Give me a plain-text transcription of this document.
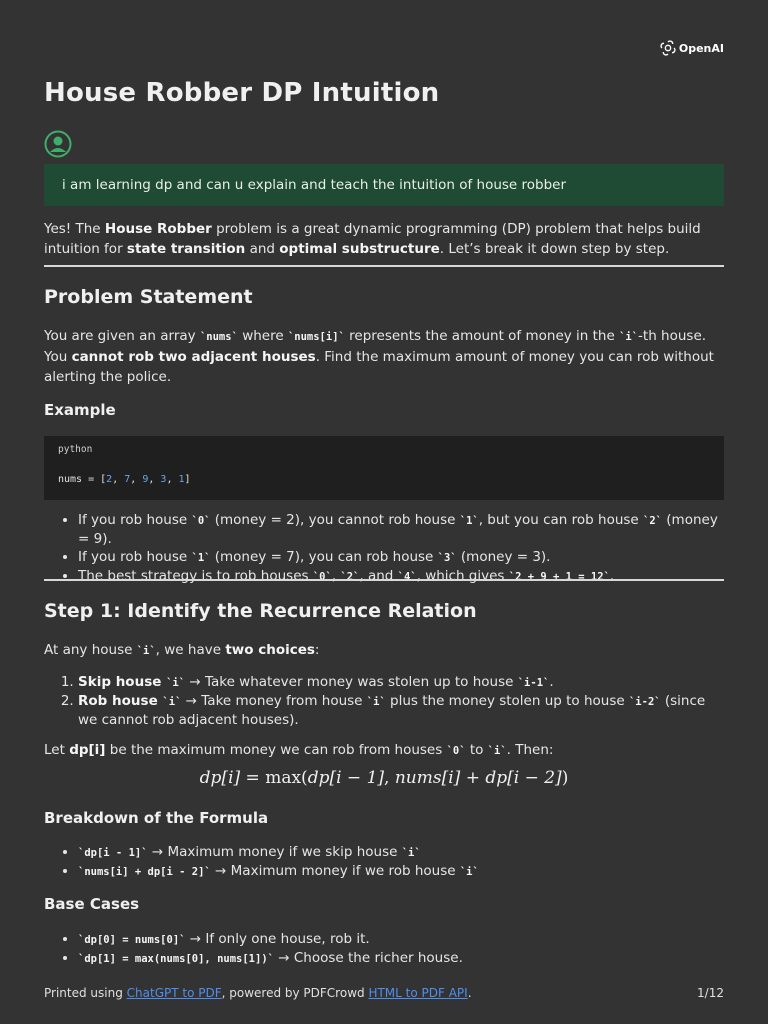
OpenAI
House Robber DP Intuition
i am learning dp and can u explain and teach the intuition of house robber

Yes! The House Robber problem is a great dynamic programming (DP) problem that helps build intuition for state transition and optimal substructure. Let’s break it down step by step.

Problem Statement

You are given an array `nums` where `nums[i]` represents the amount of money in the `i`-th house. You cannot rob two adjacent houses. Find the maximum amount of money you can rob without alerting the police.

Example
python
nums = [2, 7, 9, 3, 1]
• If you rob house `0` (money = 2), you cannot rob house `1`, but you can rob house `2` (money = 9).
• If you rob house `1` (money = 7), you can rob house `3` (money = 3).
• The best strategy is to rob houses `0`, `2`, and `4`, which gives `2 + 9 + 1 = 12`.
Step 1: Identify the Recurrence Relation

At any house `i`, we have two choices:

1. Skip house `i` → Take whatever money was stolen up to house `i-1`.
2. Rob house `i` → Take money from house `i` plus the money stolen up to house `i-2` (since we cannot rob adjacent houses).

Let dp[i] be the maximum money we can rob from houses `0` to `i`. Then:

dp[i] = max(dp[i − 1], nums[i] + dp[i − 2])
Breakdown of the Formula
• `dp[i - 1]` → Maximum money if we skip house `i`
• `nums[i] + dp[i - 2]` → Maximum money if we rob house `i`
Base Cases
• `dp[0] = nums[0]` → If only one house, rob it.
• `dp[1] = max(nums[0], nums[1])` → Choose the richer house.
Printed using ChatGPT to PDF, powered by PDFCrowd HTML to PDF API.	1/12
